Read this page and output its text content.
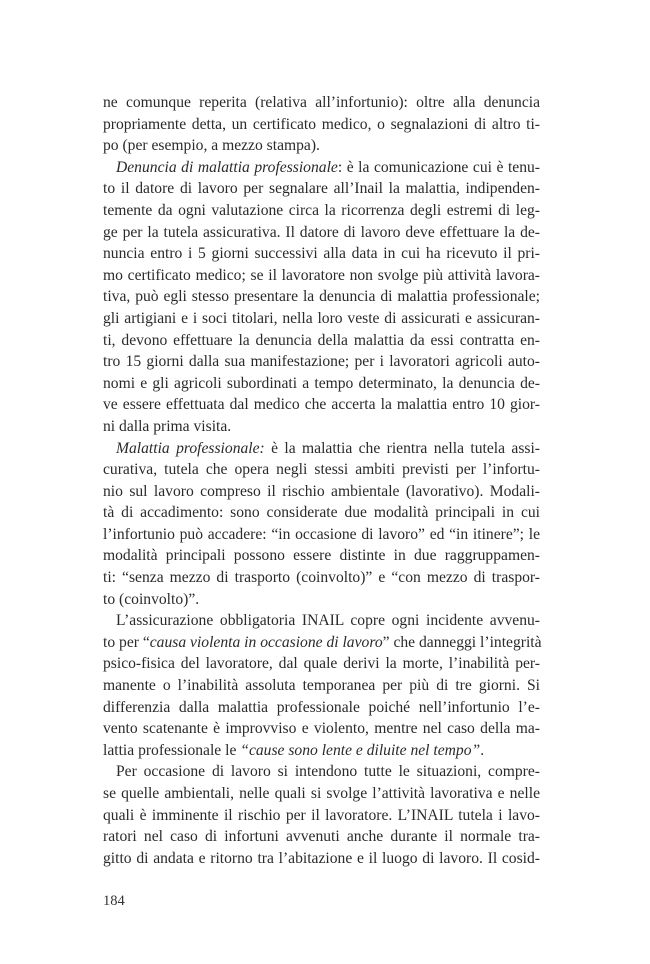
ne comunque reperita (relativa all’infortunio): oltre alla denuncia
propriamente detta, un certificato medico, o segnalazioni di altro ti-
po (per esempio, a mezzo stampa).
Denuncia di malattia professionale: è la comunicazione cui è tenu-
to il datore di lavoro per segnalare all’Inail la malattia, indipenden-
temente da ogni valutazione circa la ricorrenza degli estremi di leg-
ge per la tutela assicurativa. Il datore di lavoro deve effettuare la de-
nuncia entro i 5 giorni successivi alla data in cui ha ricevuto il pri-
mo certificato medico; se il lavoratore non svolge più attività lavora-
tiva, può egli stesso presentare la denuncia di malattia professionale;
gli artigiani e i soci titolari, nella loro veste di assicurati e assicuran-
ti, devono effettuare la denuncia della malattia da essi contratta en-
tro 15 giorni dalla sua manifestazione; per i lavoratori agricoli auto-
nomi e gli agricoli subordinati a tempo determinato, la denuncia de-
ve essere effettuata dal medico che accerta la malattia entro 10 gior-
ni dalla prima visita.
Malattia professionale: è la malattia che rientra nella tutela assi-
curativa, tutela che opera negli stessi ambiti previsti per l’infortu-
nio sul lavoro compreso il rischio ambientale (lavorativo). Modali-
tà di accadimento: sono considerate due modalità principali in cui
l’infortunio può accadere: “in occasione di lavoro” ed “in itinere”; le
modalità principali possono essere distinte in due raggruppamen-
ti: “senza mezzo di trasporto (coinvolto)” e “con mezzo di traspor-
to (coinvolto)”.
L’assicurazione obbligatoria INAIL copre ogni incidente avvenu-
to per “causa violenta in occasione di lavoro” che danneggi l’integrità
psico-fisica del lavoratore, dal quale derivi la morte, l’inabilità per-
manente o l’inabilità assoluta temporanea per più di tre giorni. Si
differenzia dalla malattia professionale poiché nell’infortunio l’e-
vento scatenante è improvviso e violento, mentre nel caso della ma-
lattia professionale le “cause sono lente e diluite nel tempo”.
Per occasione di lavoro si intendono tutte le situazioni, compre-
se quelle ambientali, nelle quali si svolge l’attività lavorativa e nelle
quali è imminente il rischio per il lavoratore. L’INAIL tutela i lavo-
ratori nel caso di infortuni avvenuti anche durante il normale tra-
gitto di andata e ritorno tra l’abitazione e il luogo di lavoro. Il cosid-
184
